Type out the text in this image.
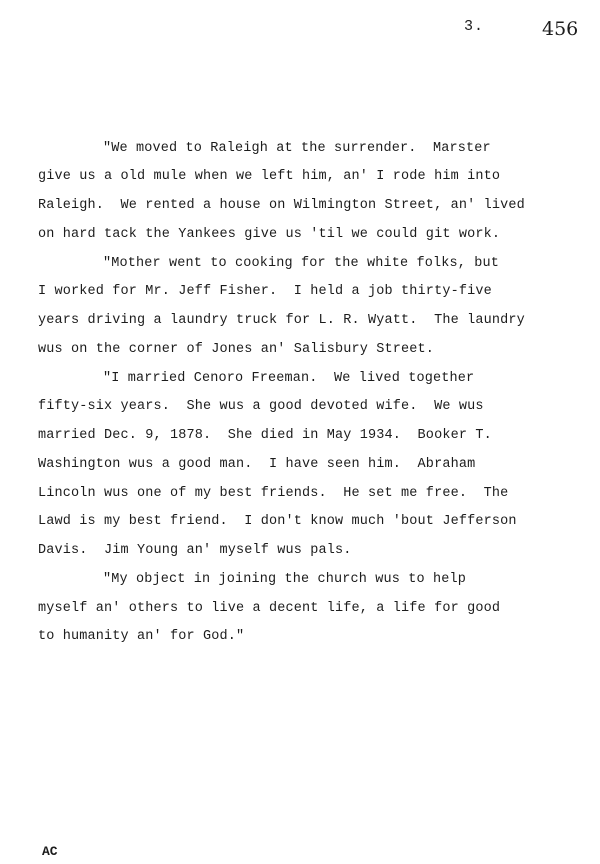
3.	456
"We moved to Raleigh at the surrender.  Marster
give us a old mule when we left him, an' I rode him into
Raleigh.  We rented a house on Wilmington Street, an' lived
on hard tack the Yankees give us 'til we could git work.
"Mother went to cooking for the white folks, but
I worked for Mr. Jeff Fisher.  I held a job thirty-five
years driving a laundry truck for L. R. Wyatt.  The laundry
wus on the corner of Jones an' Salisbury Street.
"I married Cenoro Freeman.  We lived together
fifty-six years.  She wus a good devoted wife.  We wus
married Dec. 9, 1878.  She died in May 1934.  Booker T.
Washington wus a good man.  I have seen him.  Abraham
Lincoln wus one of my best friends.  He set me free.  The
Lawd is my best friend.  I don't know much 'bout Jefferson
Davis.  Jim Young an' myself wus pals.
"My object in joining the church wus to help
myself an' others to live a decent life, a life for good
to humanity an' for God."
AC
